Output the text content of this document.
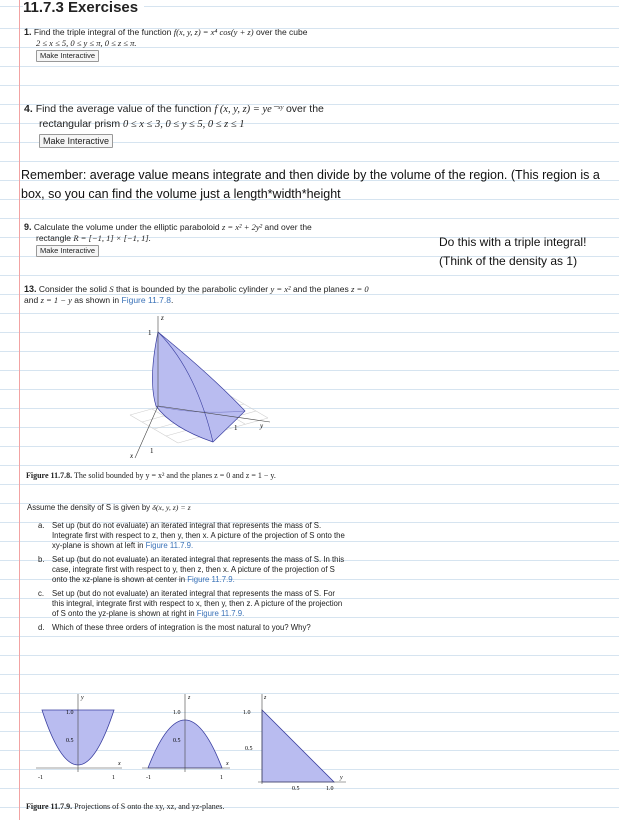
11.7.3 Exercises
1. Find the triple integral of the function f(x, y, z) = x⁴ cos(y + z) over the cube
2 ≤ x ≤ 5, 0 ≤ y ≤ π, 0 ≤ z ≤ π.
Make Interactive
4. Find the average value of the function f (x, y, z) = ye⁻ˣʸ over the
rectangular prism 0 ≤ x ≤ 3, 0 ≤ y ≤ 5, 0 ≤ z ≤ 1
Make Interactive
Remember: average value means integrate and then divide by the volume of the region. (This region is a box, so you can find the volume just a length*width*height
9. Calculate the volume under the elliptic paraboloid z = x² + 2y² and over the
rectangle R = [−1, 1] × [−1, 1].
Make Interactive
Do this with a triple integral!
(Think of the density as 1)
13. Consider the solid S that is bounded by the parabolic cylinder y = x² and the planes z = 0 and z = 1 − y as shown in Figure 11.7.8.
z
1
x
1
y
1
Figure 11.7.8. The solid bounded by y = x² and the planes z = 0 and z = 1 − y.
Assume the density of S is given by δ(x, y, z) = z
a. Set up (but do not evaluate) an iterated integral that represents the mass of S. Integrate first with respect to z, then y, then x. A picture of the projection of S onto the xy-plane is shown at left in Figure 11.7.9.
b. Set up (but do not evaluate) an iterated integral that represents the mass of S. In this case, integrate first with respect to y, then z, then x. A picture of the projection of S onto the xz-plane is shown at center in Figure 11.7.9.
c. Set up (but do not evaluate) an iterated integral that represents the mass of S. For this integral, integrate first with respect to x, then y, then z. A picture of the projection of S onto the yz-plane is shown at right in Figure 11.7.9.
d. Which of these three orders of integration is the most natural to you? Why?
y
x
1.0
0.5
-1	1
z
x
1.0
0.5
-1	1
z
y
1.0
0.5
0.5	1.0
Figure 11.7.9. Projections of S onto the xy, xz, and yz-planes.
